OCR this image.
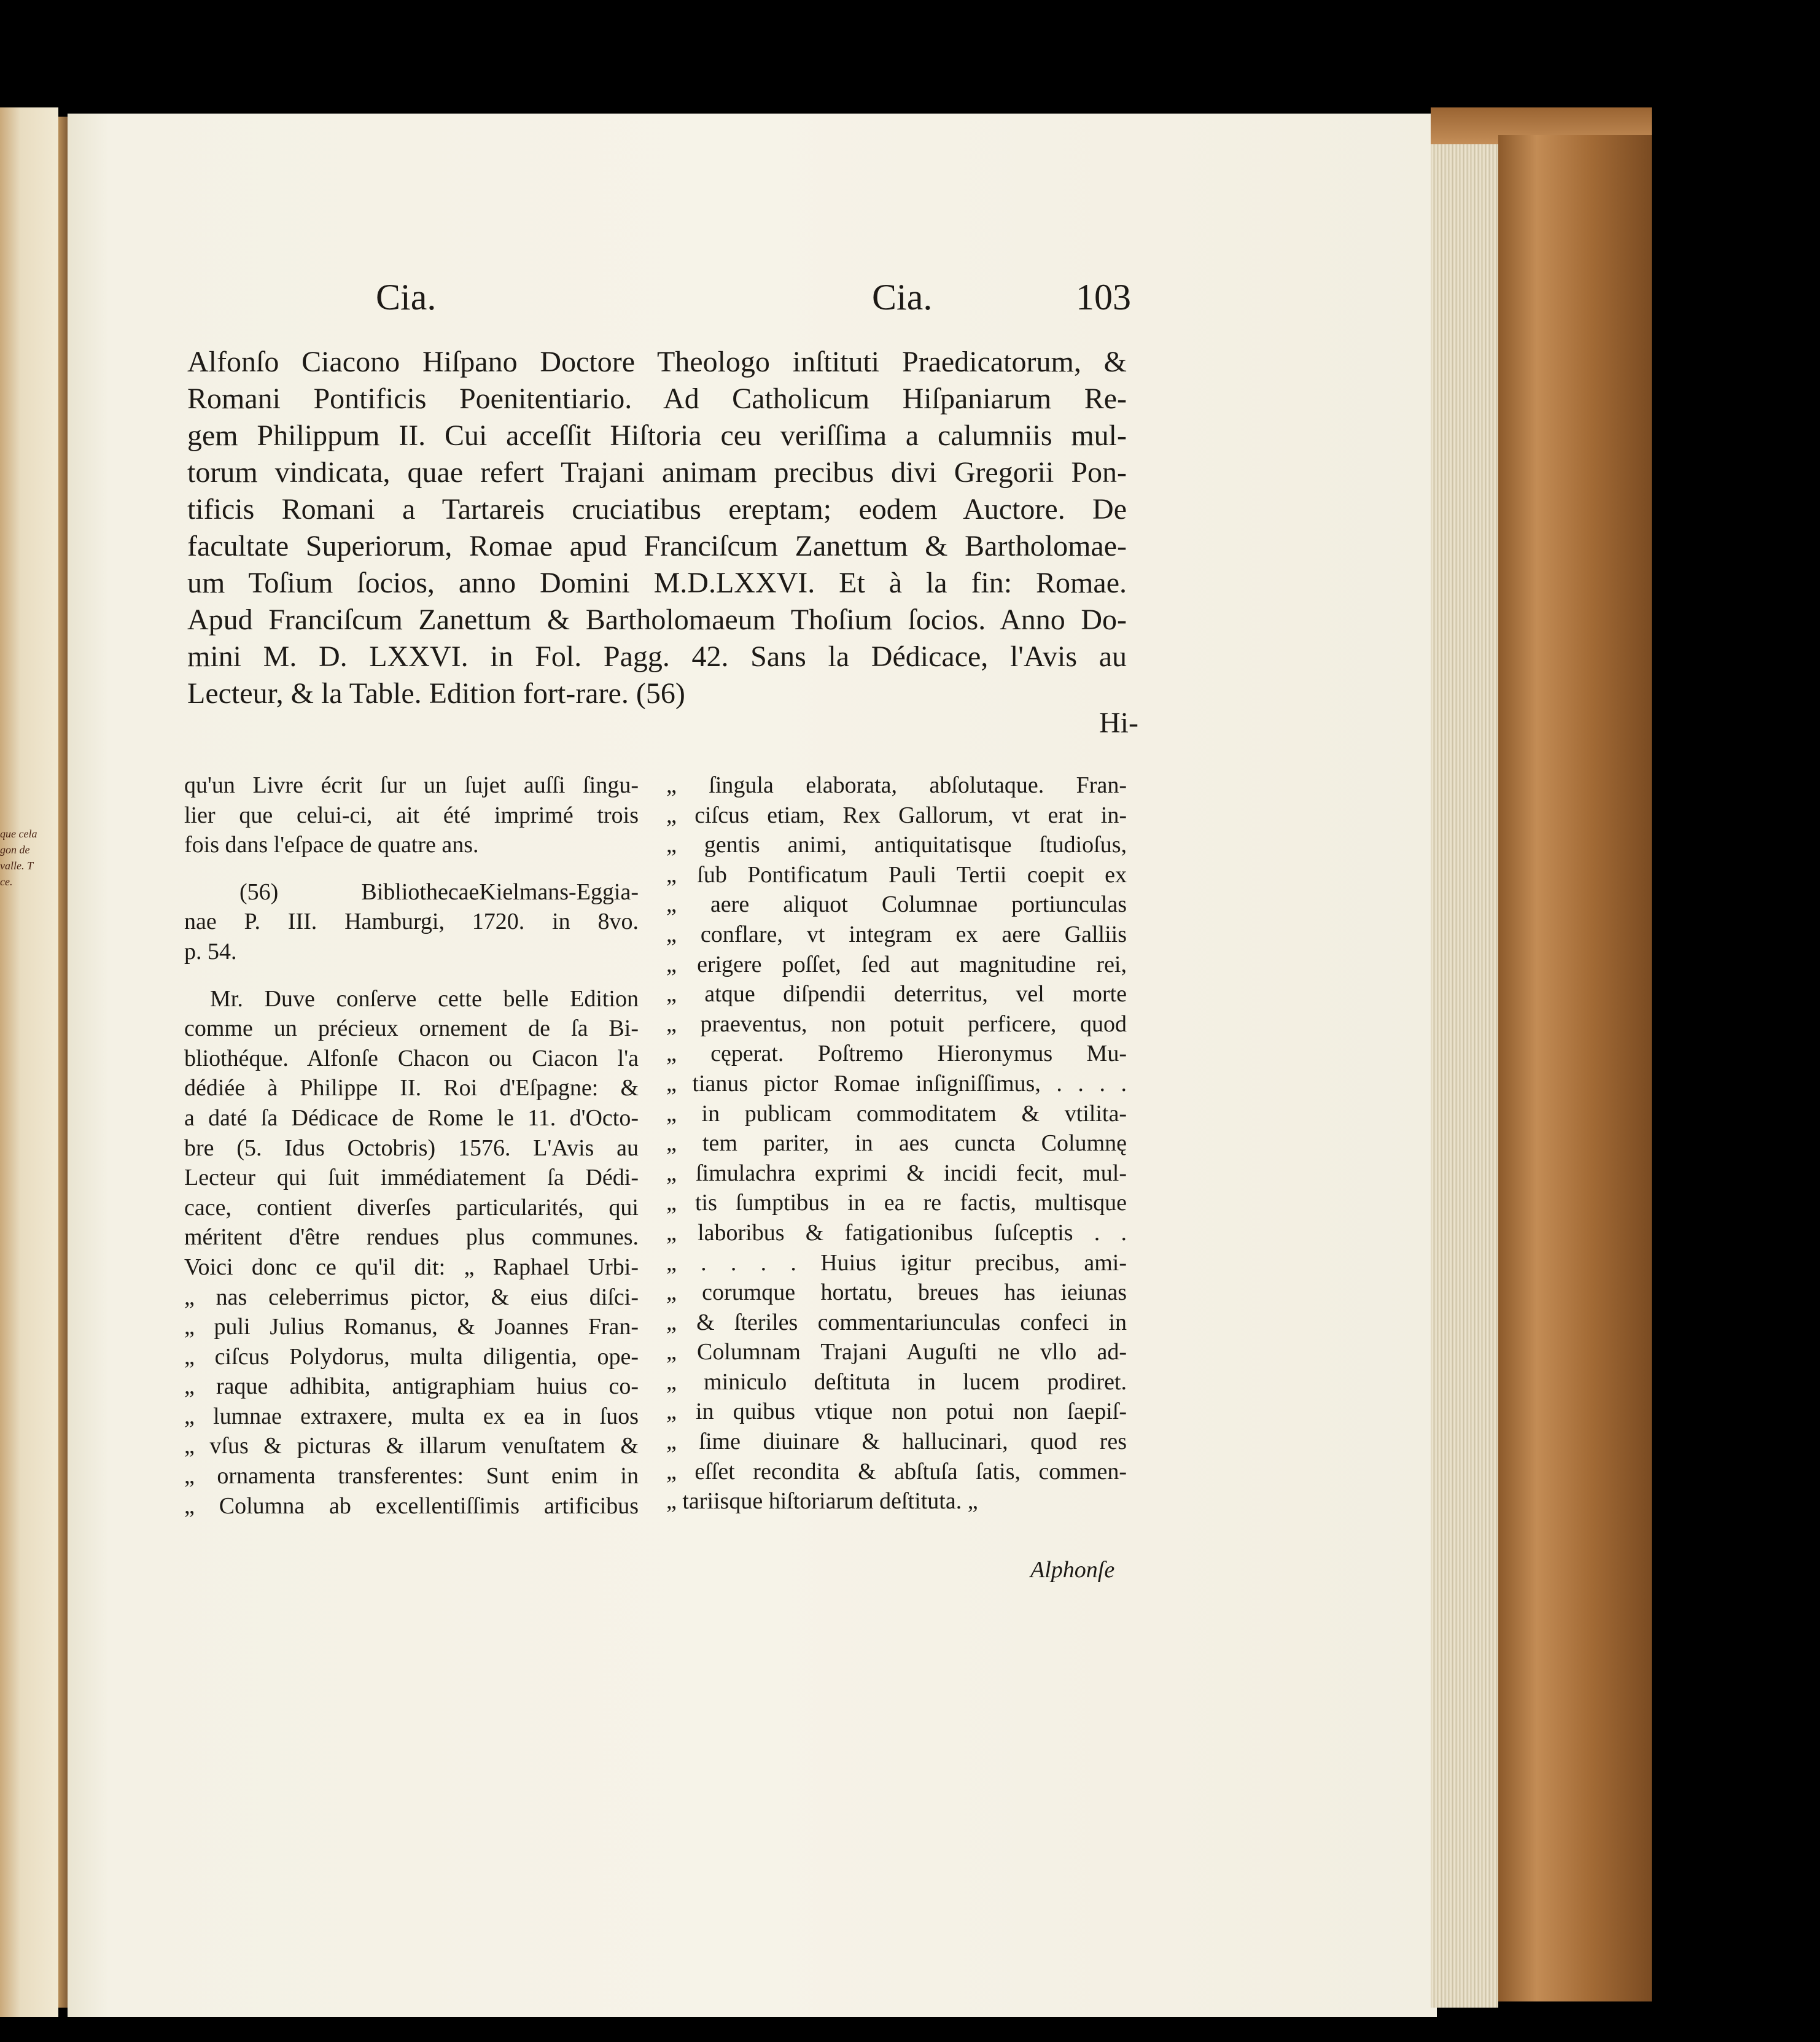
que cela
gon de
valle. T
ce.
Cia.	Cia.	103
Alfonſo Ciacono Hiſpano Doctore Theologo inſtituti Praedicatorum, &
Romani Pontificis Poenitentiario. Ad Catholicum Hiſpaniarum Re-
gem Philippum II. Cui acceſſit Hiſtoria ceu veriſſima a calumniis mul-
torum vindicata, quae refert Trajani animam precibus divi Gregorii Pon-
tificis Romani a Tartareis cruciatibus ereptam; eodem Auctore. De
facultate Superiorum, Romae apud Franciſcum Zanettum & Bartholomae-
um Toſium ſocios, anno Domini M.D.LXXVI. Et à la fin: Romae.
Apud Franciſcum Zanettum & Bartholomaeum Thoſium ſocios. Anno Do-
mini M. D. LXXVI. in Fol. Pagg. 42. Sans la Dédicace, l'Avis au
Lecteur, & la Table. Edition fort-rare. (56)
Hi-
qu'un Livre écrit ſur un ſujet auſſi ſingu-
lier que celui-ci, ait été imprimé trois
fois dans l'eſpace de quatre ans.
(56) BibliothecaeKielmans-Eggia-
nae P. III. Hamburgi, 1720. in 8vo.
p. 54.
Mr. Duve conſerve cette belle Edition
comme un précieux ornement de ſa Bi-
bliothéque. Alfonſe Chacon ou Ciacon l'a
dédiée à Philippe II. Roi d'Eſpagne: &
a daté ſa Dédicace de Rome le 11. d'Octo-
bre (5. Idus Octobris) 1576. L'Avis au
Lecteur qui ſuit immédiatement ſa Dédi-
cace, contient diverſes particularités, qui
méritent d'être rendues plus communes.
Voici donc ce qu'il dit: „ Raphael Urbi-
„ nas celeberrimus pictor, & eius diſci-
„ puli Julius Romanus, & Joannes Fran-
„ ciſcus Polydorus, multa diligentia, ope-
„ raque adhibita, antigraphiam huius co-
„ lumnae extraxere, multa ex ea in ſuos
„ vſus & picturas & illarum venuſtatem &
„ ornamenta transferentes: Sunt enim in
„ Columna ab excellentiſſimis artificibus
„ ſingula elaborata, abſolutaque. Fran-
„ ciſcus etiam, Rex Gallorum, vt erat in-
„ gentis animi, antiquitatisque ſtudioſus,
„ ſub Pontificatum Pauli Tertii coepit ex
„ aere aliquot Columnae portiunculas
„ conflare, vt integram ex aere Galliis
„ erigere poſſet, ſed aut magnitudine rei,
„ atque diſpendii deterritus, vel morte
„ praeventus, non potuit perficere, quod
„ cęperat. Poſtremo Hieronymus Mu-
„ tianus pictor Romae inſigniſſimus, . . . .
„ in publicam commoditatem & vtilita-
„ tem pariter, in aes cuncta Columnę
„ ſimulachra exprimi & incidi fecit, mul-
„ tis ſumptibus in ea re factis, multisque
„ laboribus & fatigationibus ſuſceptis . .
„ . . . . Huius igitur precibus, ami-
„ corumque hortatu, breues has ieiunas
„ & ſteriles commentariunculas confeci in
„ Columnam Trajani Auguſti ne vllo ad-
„ miniculo deſtituta in lucem prodiret.
„ in quibus vtique non potui non ſaepiſ-
„ ſime diuinare & hallucinari, quod res
„ eſſet recondita & abſtuſa ſatis, commen-
„ tariisque hiſtoriarum deſtituta. „
Alphonſe
